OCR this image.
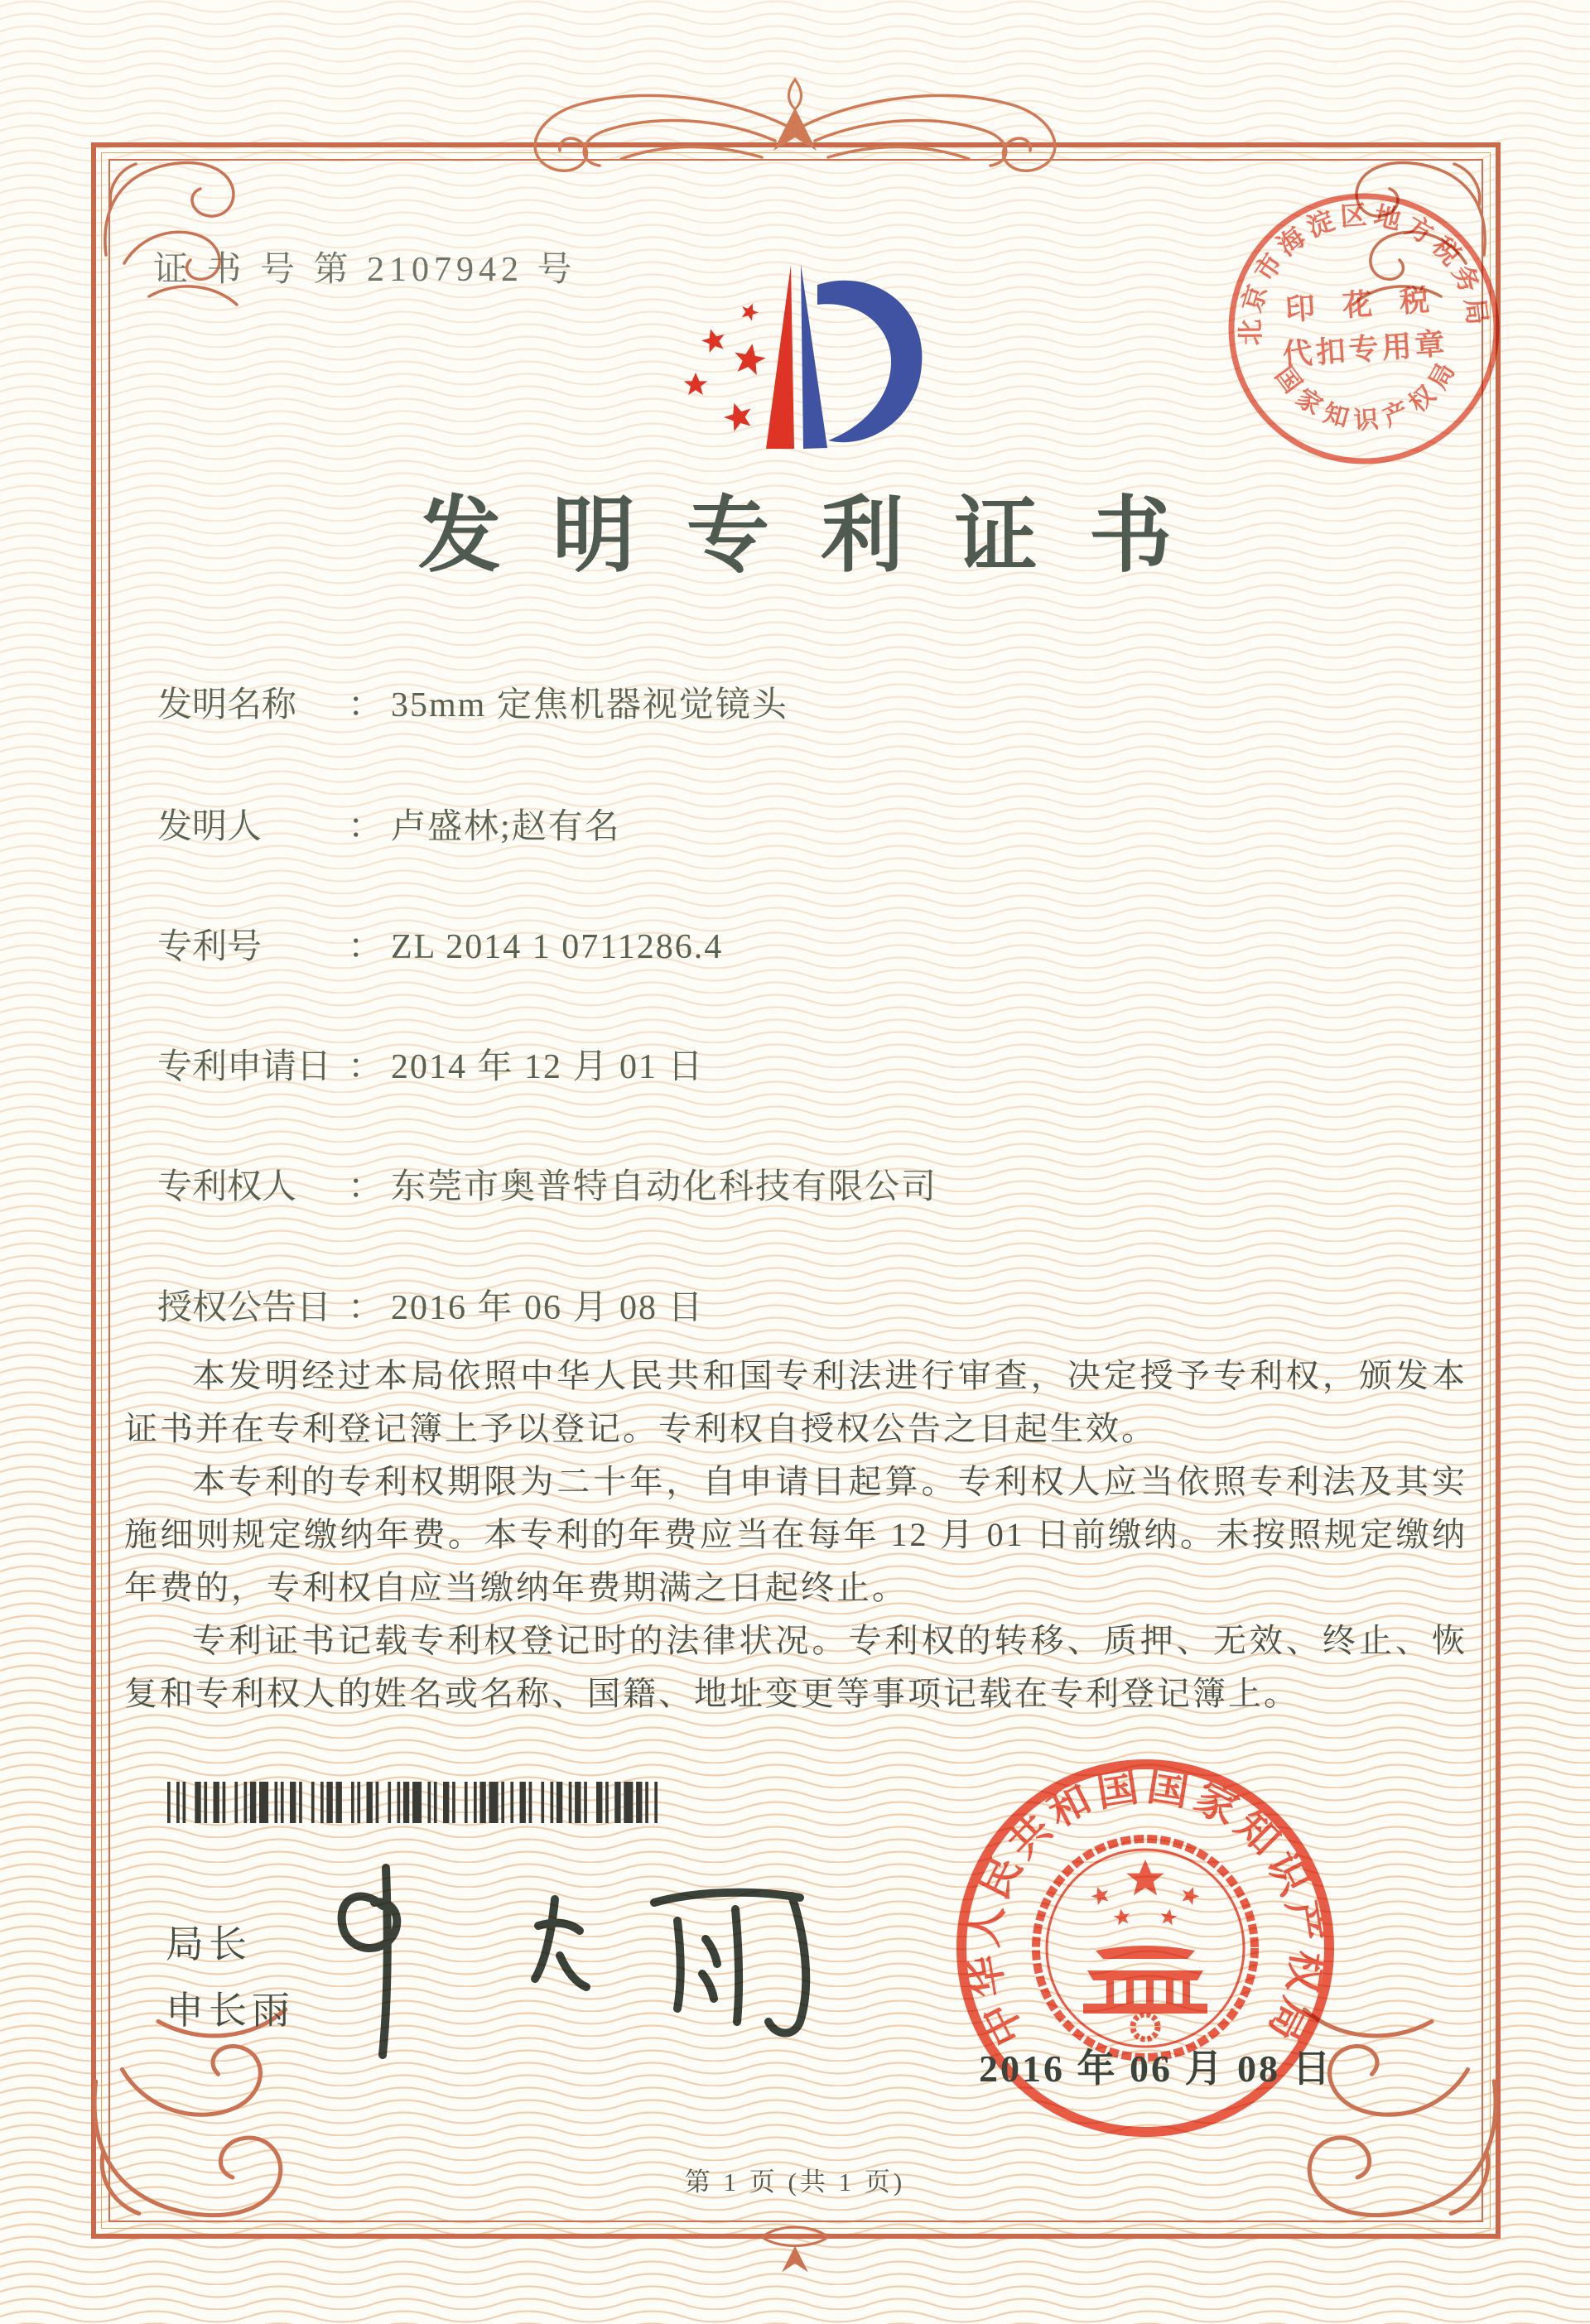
证 书 号 第 2107942 号
北京市海淀区地方税务局
国家知识产权局
印 花 税
代扣专用章
发明专利证书
发明名称 ： 35mm 定焦机器视觉镜头
发明人 ： 卢盛林;赵有名
专利号 ： ZL 2014 1 0711286.4
专利申请日 ： 2014 年 12 月 01 日
专利权人 ： 东莞市奥普特自动化科技有限公司
授权公告日 ： 2016 年 06 月 08 日

本发明经过本局依照中华人民共和国专利法进行审查，决定授予专利权，颁发本证书并在专利登记簿上予以登记。专利权自授权公告之日起生效。

本专利的专利权期限为二十年，自申请日起算。专利权人应当依照专利法及其实施细则规定缴纳年费。本专利的年费应当在每年 12 月 01 日前缴纳。未按照规定缴纳年费的，专利权自应当缴纳年费期满之日起终止。

专利证书记载专利权登记时的法律状况。专利权的转移、质押、无效、终止、恢复和专利权人的姓名或名称、国籍、地址变更等事项记载在专利登记簿上。

局长
申长雨	中华人民共和国国家知识产权局
2016 年 06 月 08 日
第 1 页 (共 1 页)
